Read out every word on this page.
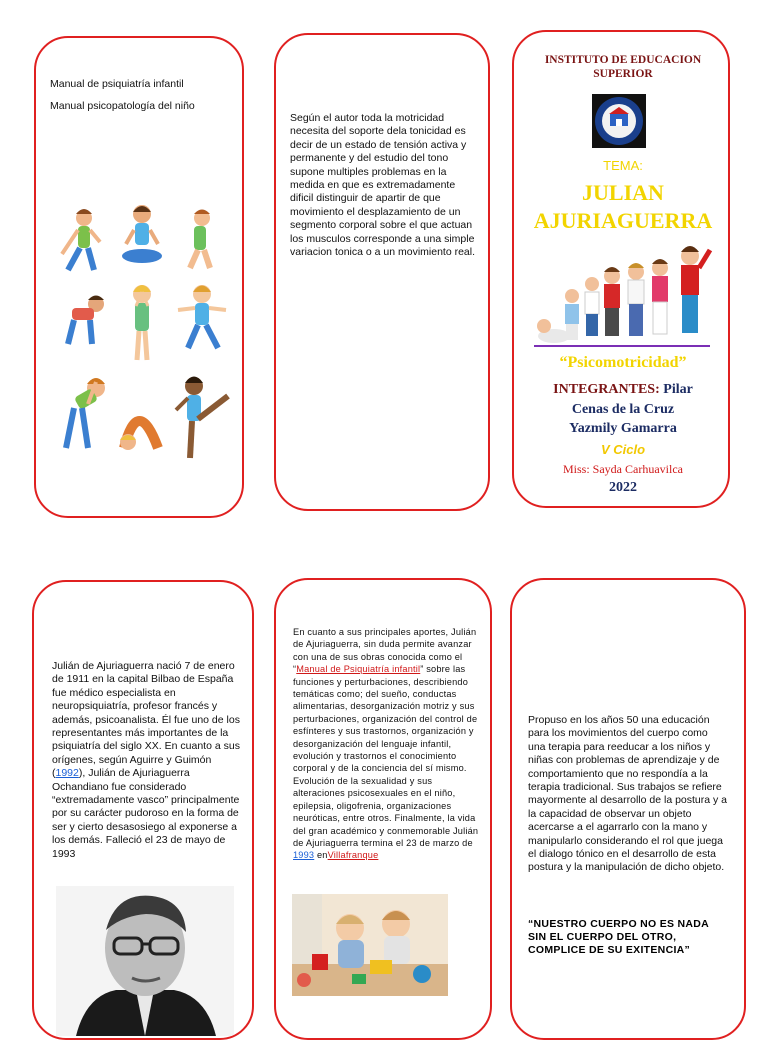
Manual de psiquiatría infantil
Manual psicopatología del niño
Según el autor toda la motricidad necesita del soporte dela tonicidad es decir de un estado de tensión activa y permanente y del estudio del tono supone multiples problemas en la medida en que es extremadamente dificil distinguir de apartir de que movimiento el desplazamiento de un segmento corporal sobre el que actuan los musculos corresponde a una simple variacion tonica o a un movimiento real.
INSTITUTO DE EDUCACION
SUPERIOR
TEMA:
JULIAN
AJURIAGUERRA
“Psicomotricidad”
INTEGRANTES: Pilar
Cenas de la Cruz
Yazmily Gamarra
V Ciclo
Miss: Sayda Carhuavilca
2022
Julián de Ajuriaguerra nació 7 de enero de 1911 en la capital Bilbao de España fue médico especialista en neuropsiquiatría, profesor francés y además, psicoanalista. Él fue uno de los representantes más importantes de la psiquiatría del siglo XX. En cuanto a sus orígenes, según Aguirre y Guimón (1992), Julián de Ajuriaguerra Ochandiano fue considerado “extremadamente vasco” principalmente por su carácter pudoroso en la forma de ser y cierto desasosiego al exponerse a los demás. Falleció el 23 de mayo de 1993
En cuanto a sus principales aportes, Julián de Ajuriaguerra, sin duda permite avanzar con una de sus obras conocida como el “Manual de Psiquiatría infantil” sobre las funciones y perturbaciones, describiendo temáticas como; del sueño, conductas alimentarias, desorganización motriz y sus perturbaciones, organización del control de esfínteres y sus trastornos, organización y desorganización del lenguaje infantil, evolución y trastornos el conocimiento corporal y de la conciencia del sí mismo. Evolución de la sexualidad y sus alteraciones psicosexuales en el niño, epilepsia, oligofrenia, organizaciones neuróticas, entre otros. Finalmente, la vida del gran académico y conmemorable Julián de Ajuriaguerra termina el 23 de marzo de 1993 enVillafranque
Propuso en los años 50 una educación para los movimientos del cuerpo como una terapia para reeducar a los niños y niñas con problemas de aprendizaje y de comportamiento que no respondía a la terapia tradicional. Sus trabajos se refiere mayormente al desarrollo de la postura y a la capacidad de observar un objeto acercarse a el agarrarlo con la mano y manipularlo considerando el rol que juega el dialogo tónico en el desarrollo de esta postura y la manipulación de dicho objeto.
“NUESTRO CUERPO NO ES NADA SIN EL CUERPO DEL OTRO, COMPLICE DE SU EXITENCIA”
